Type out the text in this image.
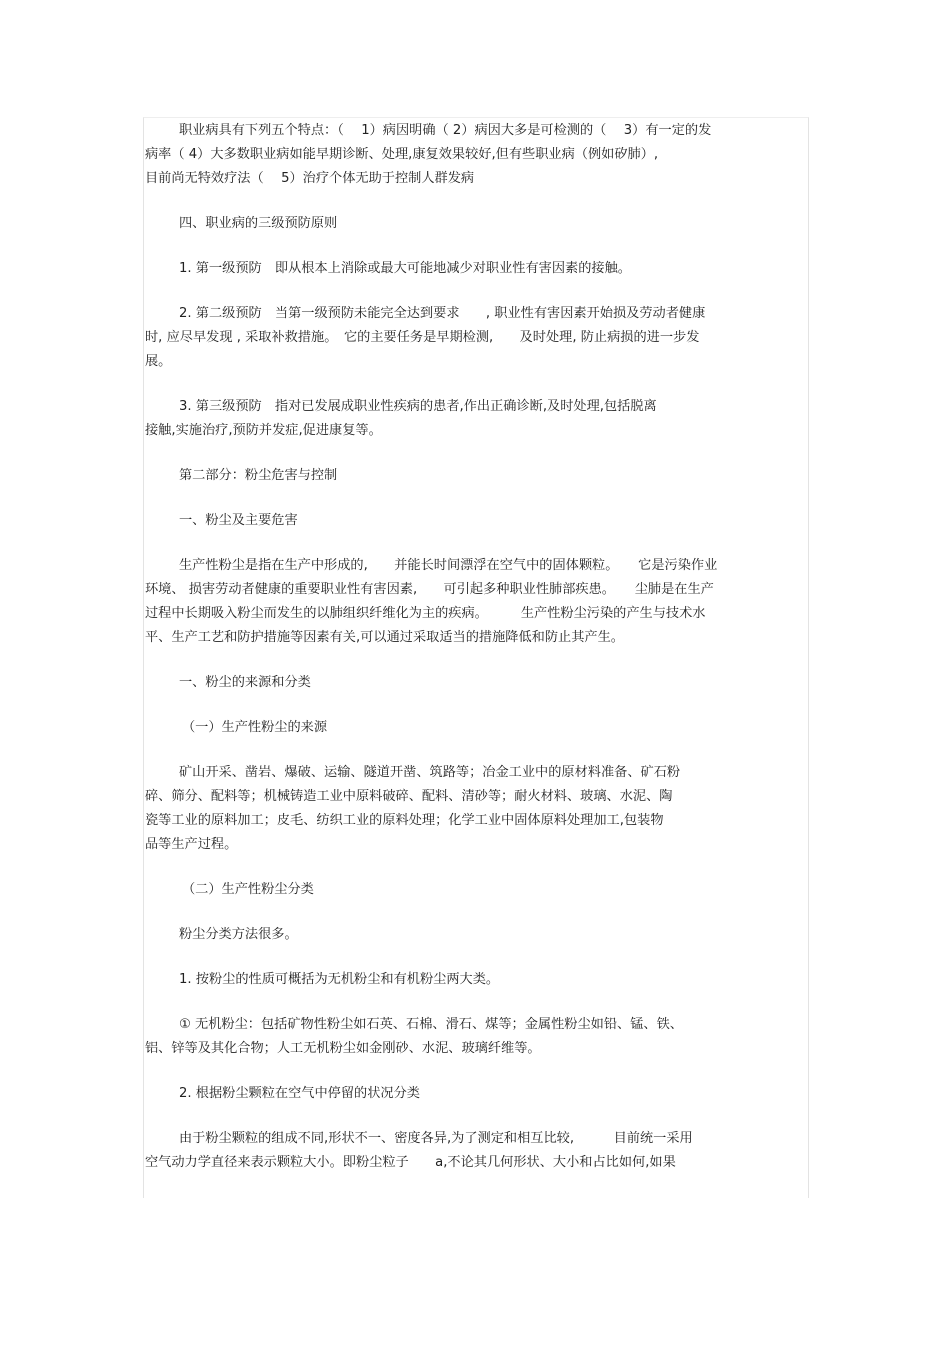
职业病具有下列五个特点：（　 1）病因明确（ 2）病因大多是可检测的（　 3）有一定的发
病率（ 4）大多数职业病如能早期诊断、处理,康复效果较好,但有些职业病（例如矽肺）,
目前尚无特效疗法（　 5）治疗个体无助于控制人群发病
四、职业病的三级预防原则
1. 第一级预防　即从根本上消除或最大可能地减少对职业性有害因素的接触。
2. 第二级预防　当第一级预防未能完全达到要求　　, 职业性有害因素开始损及劳动者健康
时, 应尽早发现 , 采取补救措施。　它的主要任务是早期检测,　　及时处理, 防止病损的进一步发
展。
3. 第三级预防　指对已发展成职业性疾病的患者,作出正确诊断,及时处理,包括脱离
接触,实施治疗,预防并发症,促进康复等。
第二部分：粉尘危害与控制
一、粉尘及主要危害
生产性粉尘是指在生产中形成的,　　并能长时间漂浮在空气中的固体颗粒。　　它是污染作业
环境、 损害劳动者健康的重要职业性有害因素,　　可引起多种职业性肺部疾患。　　尘肺是在生产
过程中长期吸入粉尘而发生的以肺组织纤维化为主的疾病。　　　生产性粉尘污染的产生与技术水
平、生产工艺和防护措施等因素有关,可以通过采取适当的措施降低和防止其产生。
一、粉尘的来源和分类
（一）生产性粉尘的来源
矿山开采、凿岩、爆破、运输、隧道开凿、筑路等；冶金工业中的原材料准备、矿石粉
碎、筛分、配料等；机械铸造工业中原料破碎、配料、清砂等；耐火材料、玻璃、水泥、陶
瓷等工业的原料加工；皮毛、纺织工业的原料处理；化学工业中固体原料处理加工,包装物
品等生产过程。
（二）生产性粉尘分类
粉尘分类方法很多。
1. 按粉尘的性质可概括为无机粉尘和有机粉尘两大类。
① 无机粉尘：包括矿物性粉尘如石英、石棉、滑石、煤等；金属性粉尘如铅、锰、铁、
铝、锌等及其化合物；人工无机粉尘如金刚砂、水泥、玻璃纤维等。
2. 根据粉尘颗粒在空气中停留的状况分类
由于粉尘颗粒的组成不同,形状不一、密度各异,为了测定和相互比较,　　　目前统一采用
空气动力学直径来表示颗粒大小。即粉尘粒子　　a,不论其几何形状、大小和占比如何,如果
